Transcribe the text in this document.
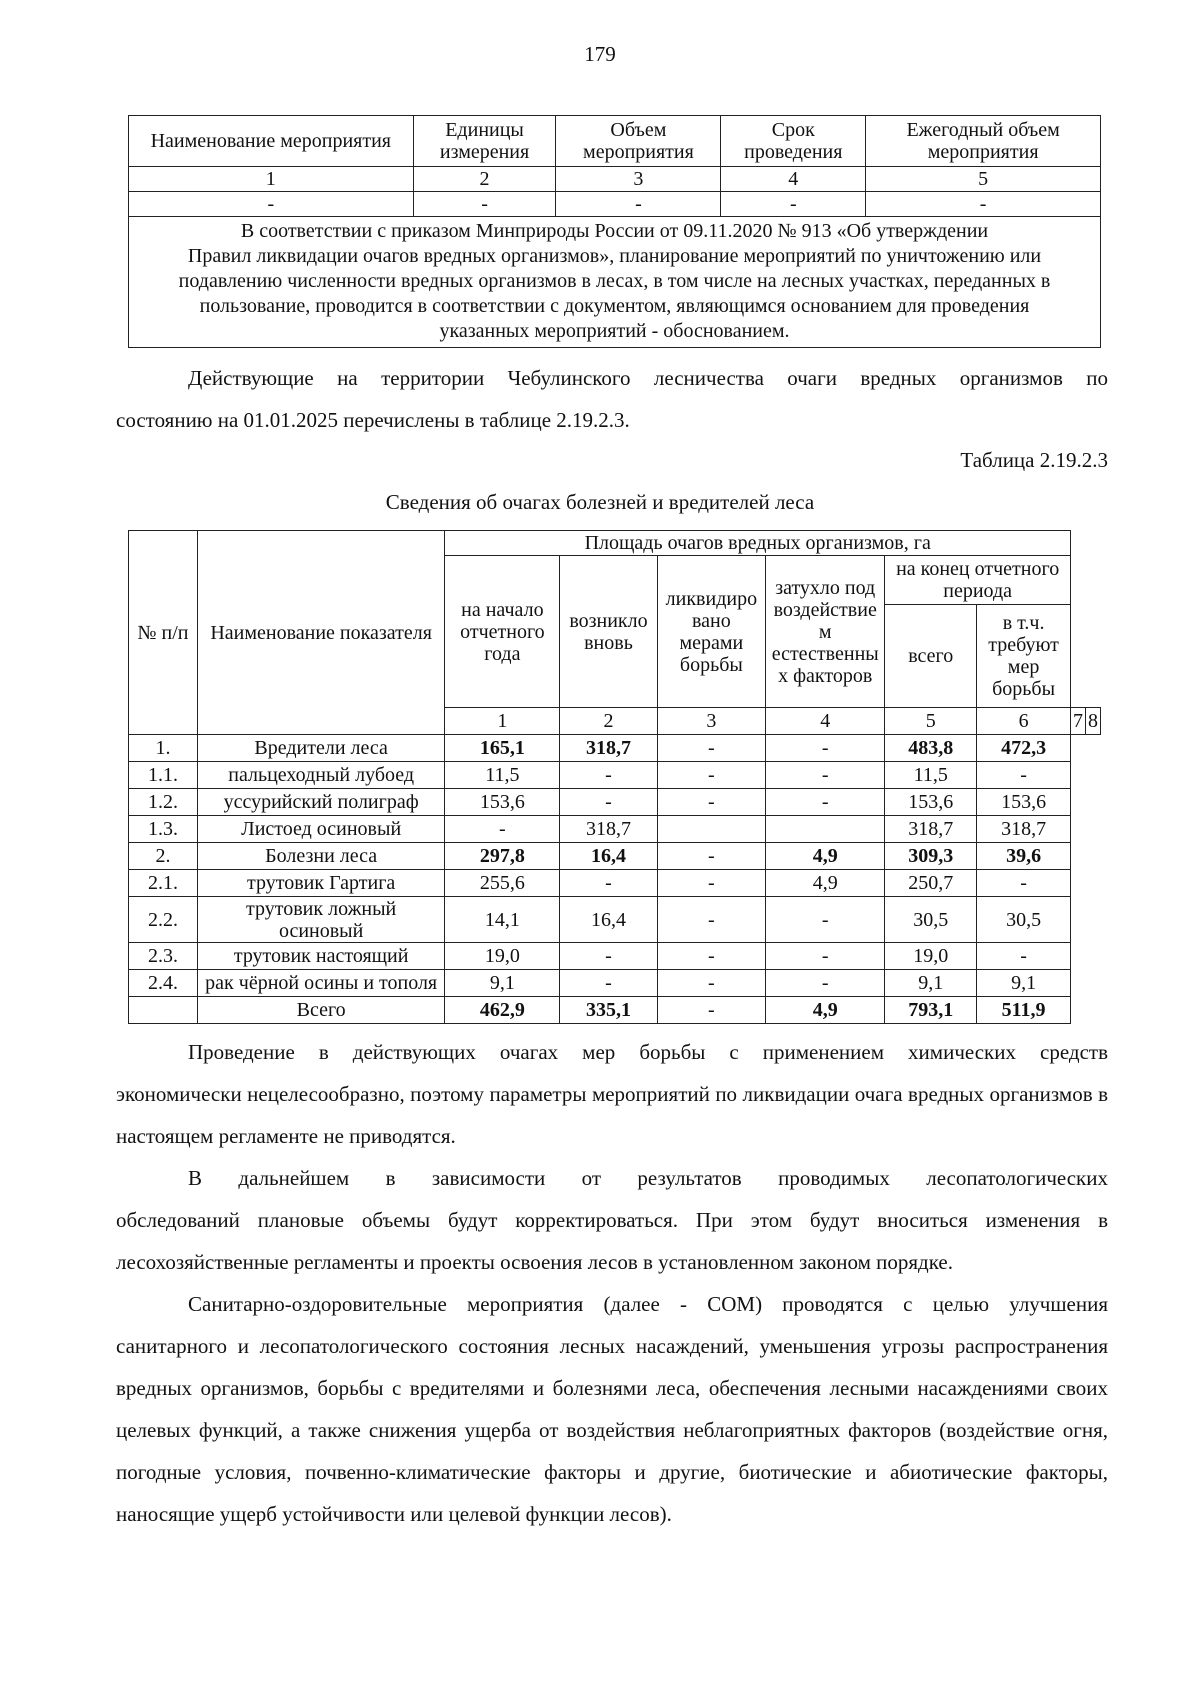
179
Наименование мероприятия	Единицы измерения	Объем мероприятия	Срок проведения	Ежегодный объем мероприятия
1	2	3	4	5
-	-	-	-	-

В соответствии с приказом Минприроды России от 09.11.2020 № 913 «Об утверждении
Правил ликвидации очагов вредных организмов», планирование мероприятий по уничтожению или
подавлению численности вредных организмов в лесах, в том числе на лесных участках, переданных в
пользование, проводится в соответствии с документом, являющимся основанием для проведения
указанных мероприятий - обоснованием.				
Действующие на территории Чебулинского лесничества очаги вредных организмов по
состоянию на 01.01.2025 перечислены в таблице 2.19.2.3.
Таблица 2.19.2.3
Сведения об очагах болезней и вредителей леса
№ п/п	Наименование показателя	Площадь очагов вредных организмов, га							
		на начало отчетного года	возникло вновь	ликвидиро вано мерами борьбы	затухло под воздействие м естественны х факторов	на конец отчетного периода			
						всего	в т.ч. требуют мер борьбы		
		1	2	3	4	5	6	7	8
1.	Вредители леса	165,1	318,7	-	-	483,8	472,3		
1.1.	пальцеходный лубоед	11,5	-	-	-	11,5	-		
1.2.	уссурийский полиграф	153,6	-	-	-	153,6	153,6		
1.3.	Листоед осиновый	-	318,7			318,7	318,7		
2.	Болезни леса	297,8	16,4	-	4,9	309,3	39,6		
2.1.	трутовик Гартига	255,6	-	-	4,9	250,7	-		
2.2.	трутовик ложный осиновый	14,1	16,4	-	-	30,5	30,5		
2.3.	трутовик настоящий	19,0	-	-	-	19,0	-		
2.4.	рак чёрной осины и тополя	9,1	-	-	-	9,1	9,1		
	Всего	462,9	335,1	-	4,9	793,1	511,9		
Проведение в действующих очагах мер борьбы с применением химических средств
экономически нецелесообразно, поэтому параметры мероприятий по ликвидации очага вредных организмов в настоящем регламенте не приводятся.
В дальнейшем в зависимости от результатов проводимых лесопатологических
обследований плановые объемы будут корректироваться. При этом будут вноситься изменения в лесохозяйственные регламенты и проекты освоения лесов в установленном законом порядке.
Санитарно-оздоровительные мероприятия (далее - СОМ) проводятся с целью улучшения
санитарного и лесопатологического состояния лесных насаждений, уменьшения угрозы распространения вредных организмов, борьбы с вредителями и болезнями леса, обеспечения лесными насаждениями своих целевых функций, а также снижения ущерба от воздействия неблагоприятных факторов (воздействие огня, погодные условия, почвенно-климатические факторы и другие, биотические и абиотические факторы, наносящие ущерб устойчивости или целевой функции лесов).
